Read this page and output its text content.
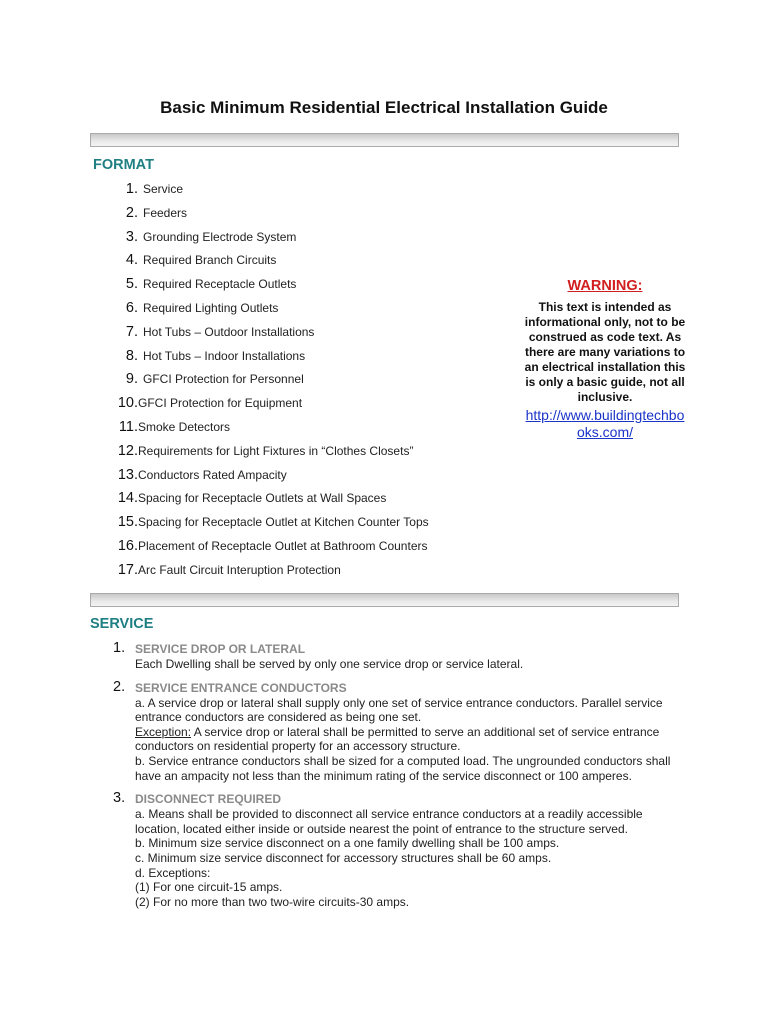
Basic Minimum Residential Electrical Installation Guide
FORMAT
1. Service
2. Feeders
3. Grounding Electrode System
4. Required Branch Circuits
5. Required Receptacle Outlets
6. Required Lighting Outlets
7. Hot Tubs – Outdoor Installations
8. Hot Tubs – Indoor Installations
9. GFCI Protection for Personnel
10. GFCI Protection for Equipment
11. Smoke Detectors
12. Requirements for Light Fixtures in “Clothes Closets”
13. Conductors Rated Ampacity
14. Spacing for Receptacle Outlets at Wall Spaces
15. Spacing for Receptacle Outlet at Kitchen Counter Tops
16. Placement of Receptacle Outlet at Bathroom Counters
17. Arc Fault Circuit Interuption Protection
WARNING:
This text is intended as informational only, not to be construed as code text. As there are many variations to an electrical installation this is only a basic guide, not all inclusive.
http://www.buildingtechbooks.com/
SERVICE
1. SERVICE DROP OR LATERAL
Each Dwelling shall be served by only one service drop or service lateral.
2. SERVICE ENTRANCE CONDUCTORS
a. A service drop or lateral shall supply only one set of service entrance conductors. Parallel service entrance conductors are considered as being one set.
Exception: A service drop or lateral shall be permitted to serve an additional set of service entrance conductors on residential property for an accessory structure.
b. Service entrance conductors shall be sized for a computed load. The ungrounded conductors shall have an ampacity not less than the minimum rating of the service disconnect or 100 amperes.
3. DISCONNECT REQUIRED
a. Means shall be provided to disconnect all service entrance conductors at a readily accessible location, located either inside or outside nearest the point of entrance to the structure served.
b. Minimum size service disconnect on a one family dwelling shall be 100 amps.
c. Minimum size service disconnect for accessory structures shall be 60 amps.
d. Exceptions:
(1) For one circuit-15 amps.
(2) For no more than two two-wire circuits-30 amps.
